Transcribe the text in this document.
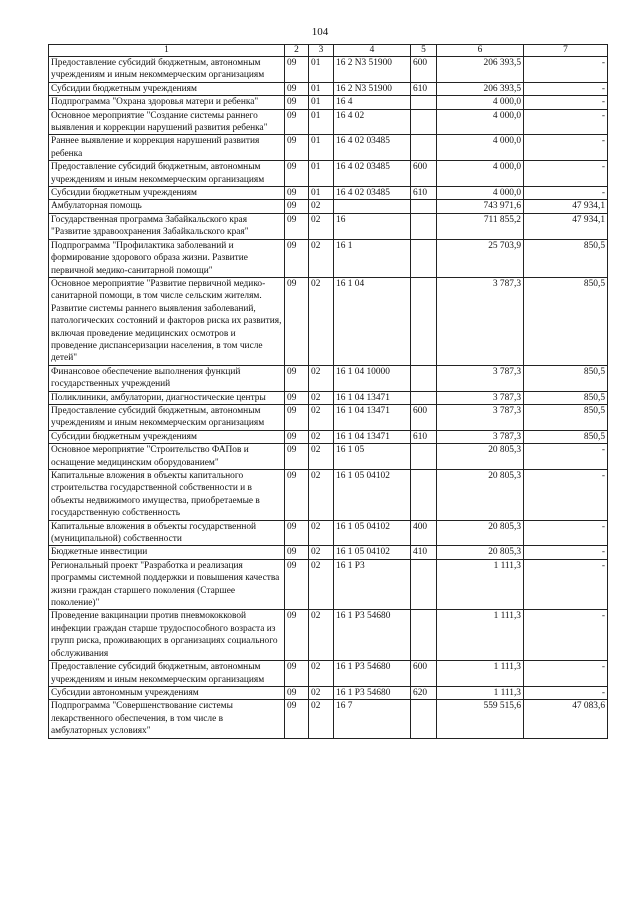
104
1	2	3	4	5	6	7
Предоставление субсидий бюджетным, автономным учреждениям и иным некоммерческим организациям	09	01	16 2 N3 51900	600	206 393,5	-
Субсидии бюджетным учреждениям	09	01	16 2 N3 51900	610	206 393,5	-
Подпрограмма "Охрана здоровья матери и ребенка"	09	01	16 4		4 000,0	-
Основное мероприятие "Создание системы раннего выявления и коррекции нарушений развития ребенка"	09	01	16 4 02		4 000,0	-
Раннее выявление и коррекция нарушений развития ребенка	09	01	16 4 02 03485		4 000,0	-
Предоставление субсидий бюджетным, автономным учреждениям и иным некоммерческим организациям	09	01	16 4 02 03485	600	4 000,0	-
Субсидии бюджетным учреждениям	09	01	16 4 02 03485	610	4 000,0	-
Амбулаторная помощь	09	02			743 971,6	47 934,1
Государственная программа Забайкальского края "Развитие здравоохранения Забайкальского края"	09	02	16		711 855,2	47 934,1
Подпрограмма "Профилактика заболеваний и формирование здорового образа жизни. Развитие первичной медико-санитарной помощи"	09	02	16 1		25 703,9	850,5
Основное мероприятие "Развитие первичной медико-санитарной помощи, в том числе сельским жителям. Развитие системы раннего выявления заболеваний, патологических состояний и факторов риска их развития, включая проведение медицинских осмотров и проведение диспансеризации населения, в том числе детей"	09	02	16 1 04		3 787,3	850,5
Финансовое обеспечение выполнения функций государственных учреждений	09	02	16 1 04 10000		3 787,3	850,5
Поликлиники, амбулатории, диагностические центры	09	02	16 1 04 13471		3 787,3	850,5
Предоставление субсидий бюджетным, автономным учреждениям и иным некоммерческим организациям	09	02	16 1 04 13471	600	3 787,3	850,5
Субсидии бюджетным учреждениям	09	02	16 1 04 13471	610	3 787,3	850,5
Основное мероприятие "Строительство ФАПов и оснащение медицинским оборудованием"	09	02	16 1 05		20 805,3	-
Капитальные вложения в объекты капитального строительства государственной собственности и в объекты недвижимого имущества, приобретаемые в государственную собственность	09	02	16 1 05 04102		20 805,3	-
Капитальные вложения в объекты государственной (муниципальной) собственности	09	02	16 1 05 04102	400	20 805,3	-
Бюджетные инвестиции	09	02	16 1 05 04102	410	20 805,3	-
Региональный проект "Разработка и реализация программы системной поддержки и повышения качества жизни граждан старшего поколения (Старшее поколение)"	09	02	16 1 P3		1 111,3	-
Проведение вакцинации против пневмококковой инфекции граждан старше трудоспособного возраста из групп риска, проживающих в организациях социального обслуживания	09	02	16 1 P3 54680		1 111,3	-
Предоставление субсидий бюджетным, автономным учреждениям и иным некоммерческим организациям	09	02	16 1 P3 54680	600	1 111,3	-
Субсидии автономным учреждениям	09	02	16 1 P3 54680	620	1 111,3	-
Подпрограмма "Совершенствование системы лекарственного обеспечения, в том числе в амбулаторных условиях"	09	02	16 7		559 515,6	47 083,6
